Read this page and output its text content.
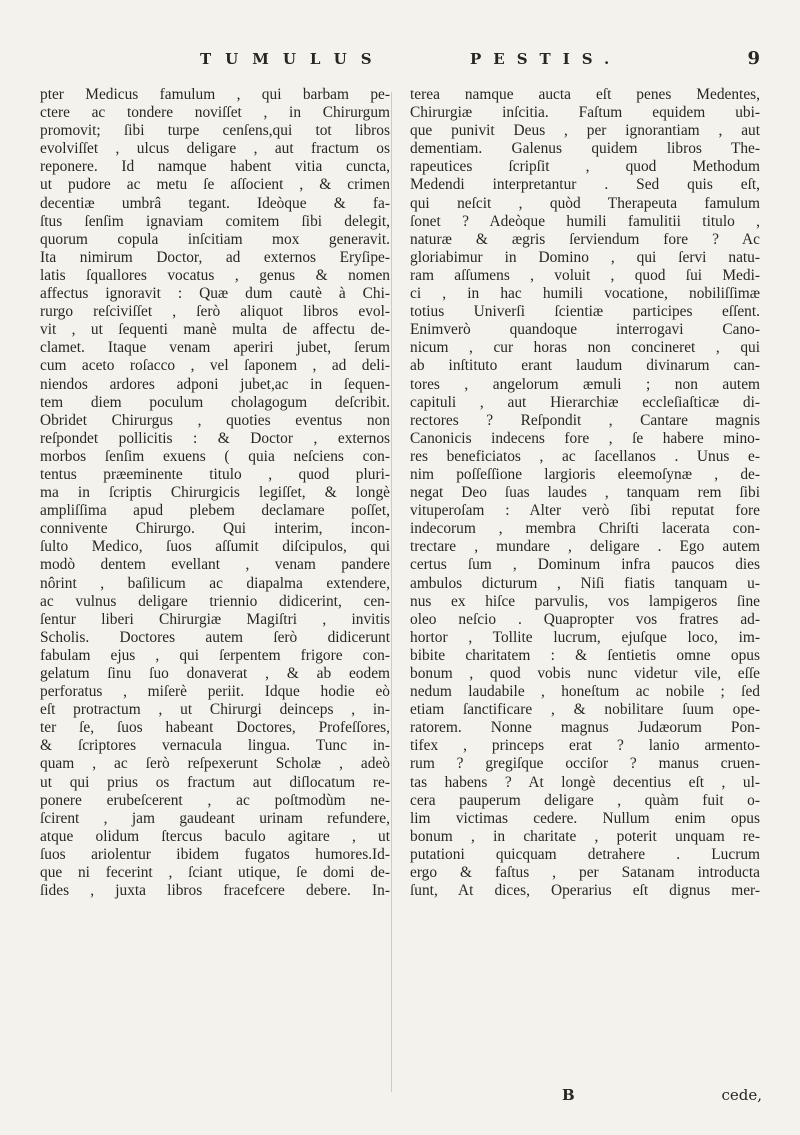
TUMULUS	PESTIS.	9
pter Medicus famulum , qui barbam pe-
ctere ac tondere noviſſet , in Chirurgum
promovit; ſibi turpe cenſens,qui tot libros
evolviſſet , ulcus deligare , aut fractum os
reponere. Id namque habent vitia cuncta,
ut pudore ac metu ſe aſſocient , & crimen
decentiæ umbrâ tegant. Ideòque & fa-
ſtus ſenſim ignaviam comitem ſibi delegit,
quorum copula inſcitiam mox generavit.
Ita nimirum Doctor, ad externos Eryſipe-
latis ſquallores vocatus , genus & nomen
affectus ignoravit : Quæ dum cautè à Chi-
rurgo reſciviſſet , ſerò aliquot libros evol-
vit , ut ſequenti manè multa de affectu de-
clamet. Itaque venam aperiri jubet, ſerum
cum aceto roſacco , vel ſaponem , ad deli-
niendos ardores adponi jubet,ac in ſequen-
tem diem poculum cholagogum deſcribit.
Obridet Chirurgus , quoties eventus non
reſpondet pollicitis : & Doctor , externos
morbos ſenſim exuens ( quia neſciens con-
tentus præeminente titulo , quod pluri-
ma in ſcriptis Chirurgicis legiſſet, & longè
ampliſſima apud plebem declamare poſſet,
connivente Chirurgo. Qui interim, incon-
ſulto Medico, ſuos aſſumit diſcipulos, qui
modò dentem evellant , venam pandere
nôrint , baſilicum ac diapalma extendere,
ac vulnus deligare triennio didicerint, cen-
ſentur liberi Chirurgiæ Magiſtri , invitis
Scholis. Doctores autem ſerò didicerunt
fabulam ejus , qui ſerpentem frigore con-
gelatum ſinu ſuo donaverat , & ab eodem
perforatus , miſerè periit. Idque hodie eò
eſt protractum , ut Chirurgi deinceps , in-
ter ſe, ſuos habeant Doctores, Profeſſores,
& ſcriptores vernacula lingua. Tunc in-
quam , ac ſerò reſpexerunt Scholæ , adeò
ut qui prius os fractum aut diſlocatum re-
ponere erubeſcerent , ac poſtmodùm ne-
ſcirent , jam gaudeant urinam refundere,
atque olidum ſtercus baculo agitare , ut
ſuos ariolentur ibidem fugatos humores.Id-
que ni fecerint , ſciant utique, ſe domi de-
ſides , juxta libros fracefcere debere. In-
terea namque aucta eſt penes Medentes,
Chirurgiæ inſcitia. Faſtum equidem ubi-
que punivit Deus , per ignorantiam , aut
dementiam. Galenus quidem libros The-
rapeutices ſcripſit , quod Methodum
Medendi interpretantur . Sed quis eſt,
qui neſcit , quòd Therapeuta famulum
ſonet ? Adeòque humili famulitii titulo ,
naturæ & ægris ſerviendum fore ? Ac
gloriabimur in Domino , qui ſervi natu-
ram aſſumens , voluit , quod ſui Medi-
ci , in hac humili vocatione, nobiliſſimæ
totius Univerſi ſcientiæ participes eſſent.
Enimverò quandoque interrogavi Cano-
nicum , cur horas non concineret , qui
ab inſtituto erant laudum divinarum can-
tores , angelorum æmuli ; non autem
capituli , aut Hierarchiæ eccleſiaſticæ di-
rectores ? Reſpondit , Cantare magnis
Canonicis indecens fore , ſe habere mino-
res beneficiatos , ac ſacellanos . Unus e-
nim poſſeſſione largioris eleemoſynæ , de-
negat Deo ſuas laudes , tanquam rem ſibi
vituperoſam : Alter verò ſibi reputat fore
indecorum , membra Chriſti lacerata con-
trectare , mundare , deligare . Ego autem
certus ſum , Dominum infra paucos dies
ambulos dicturum , Niſi fiatis tanquam u-
nus ex hiſce parvulis, vos lampigeros ſine
oleo neſcio . Quapropter vos fratres ad-
hortor , Tollite lucrum, ejuſque loco, im-
bibite charitatem : & ſentietis omne opus
bonum , quod vobis nunc videtur vile, eſſe
nedum laudabile , honeſtum ac nobile ; ſed
etiam ſanctificare , & nobilitare ſuum ope-
ratorem. Nonne magnus Judæorum Pon-
tifex , princeps erat ? lanio armento-
rum ? gregiſque occiſor ? manus cruen-
tas habens ? At longè decentius eſt , ul-
cera pauperum deligare , quàm fuit o-
lim victimas cedere. Nullum enim opus
bonum , in charitate , poterit unquam re-
putationi quicquam detrahere . Lucrum
ergo & faſtus , per Satanam introducta
ſunt, At dices, Operarius eſt dignus mer-
B	cede,
